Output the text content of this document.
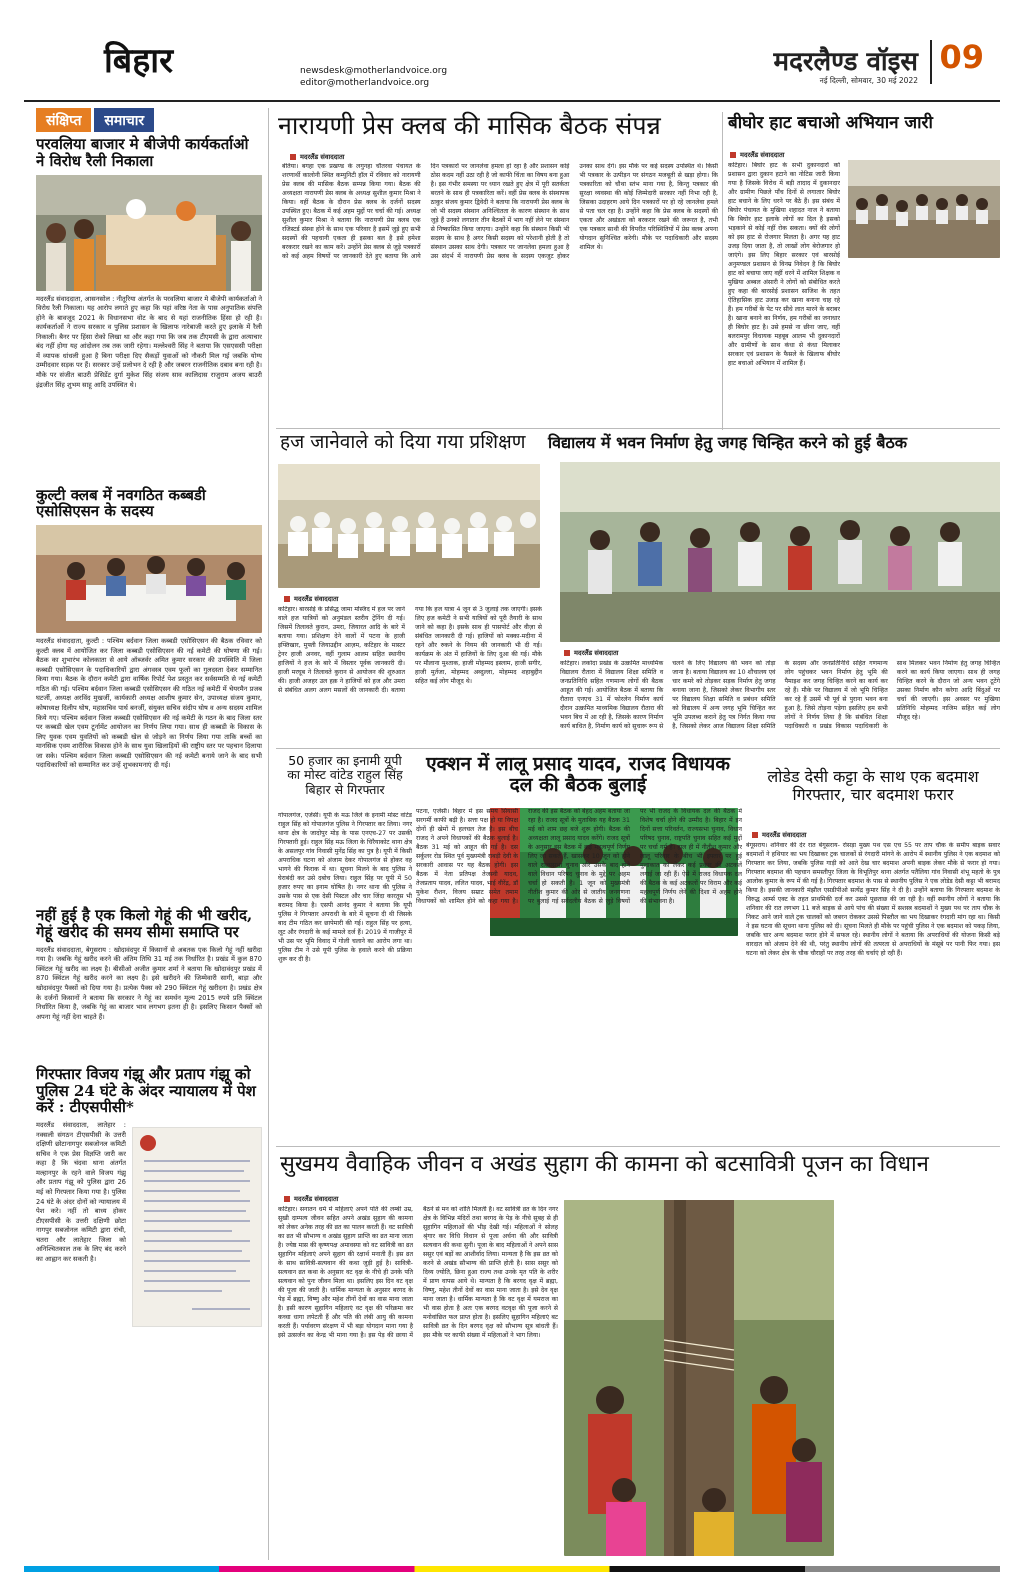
बिहार	newsdesk@motherlandvoice.org
editor@motherlandvoice.org
मदरलैण्ड वॉइस 09
नई दिल्ली, सोमवार, 30 मई 2022
संक्षिप्त	समाचार
परवलिया बाजार मे बीजेपी कार्यकर्ताओ ने विरोध रैली निकाला
मदरलैंड संवाददाता, आसनसोल : नीतूरिया अंतर्गत के परवलिया बाजार मे बीजेपी कार्यकर्ताओ ने विरोध रैली निकाला। यह आरोप लगाते हुए कहा कि यहां वरिष्ठ नेता के पास अनुपातिक संपत्ति होने के बावजूद 2021 के विधानसभा वोट के बाद से यहां राजनीतिक हिंसा हो रही है। कार्यकर्ताओं ने राज्य सरकार व पुलिस प्रशासन के खिलाफ नारेबाजी करते हुए इलाके में रैली निकाली। बैनर पर हिंसा रोको लिखा था और कहा गया कि जब तक टीएमसी के द्वारा अत्याचार बंद नहीं होगा यह आंदोलन तब तक जारी रहेगा। मल्लेश्वरी सिंह ने बताया कि एसएससी परीक्षा में व्यापक धांधली हुआ है बिना परीक्षा दिए सैकड़ों युवाओं को नौकरी मिल गई जबकि योग्य उम्मीदवार सड़क पर हैं। सरकार उन्हें प्रलोभन दे रही है और जबरन राजनीतिक दबाव बना रही है। मौके पर संजीत बाउरी प्रेसिडेंट दुर्गा मुकेश सिंह संजय साव कालिदास राजुराम अजय बाउरी इंद्रजीत सिंह शुभम साहू आदि उपस्थित थे।
कुल्टी क्लब में नवगठित कब्बडी एसोसिएसन के सदस्य
मदरलैंड संवाददाता, कुल्टी : पश्चिम बर्दवान जिला कब्बडी एसोसिएसन की बैठक रविवार को कुल्टी क्लब में आयोजित कर जिला कब्बडी एसोसिएसन की नई कमेटी की घोषणा की गई। बैठक का शुभारंभ कोलकाता से आये ऑब्जर्वर अमित कुमार सरकार की उपस्थिति में जिला कब्बडी एसोसिएसन के पदाधिकारियों द्वारा अंगवस्त्र एवम फूलों का गुलदस्ता देकर सम्मानित किया गया। बैठक के दौरान कमेटी द्वारा वार्षिक रिपोर्ट पेश प्रस्तुत कर सर्वसम्मति से नई कमेटी गठित की गई। पश्चिम बर्दवान जिला कब्बडी एसोसिएसन की गठित नई कमेटी में चेयरमैन प्रजब घटर्जी, अध्यक्ष अरविंद मुखर्जी, कार्यकारी अध्यक्ष आशीष कुमार सेन, उपाध्यक्ष संजय कुमार, कोषाध्यक्ष दिलीप घोष, महासचिव पार्थ बनर्जी, संयुक्त सचिव संदीप घोष व अन्य सदस्य शामिल किये गए। पश्चिम बर्दवान जिला कब्बडी एसोसिएसन की नई कमेटी के गठन के बाद जिला स्तर पर कब्बडी खेल एवम टूर्नामेंट आयोजन का निर्णय लिया गया। साथ ही कब्बडी के विकास के लिए युवक एवम युवतियों को कब्बडी खेल से जोड़ने का निर्णय लिया गया ताकि बच्चों का मानसिक एवम शारीरिक विकास होने के साथ युवा खिलाड़ियों की राष्ट्रीय स्तर पर पहचान दिलाया जा सके। पश्चिम बर्दवान जिला कब्बडी एसोसिएसन की नई कमेटी बनाये जाने के बाद सभी पदाधिकारियों को सम्मानित कर उन्हें शुभकामनाएं दी गई।
नहीं हुई है एक किलो गेहूं की भी खरीद, गेहूं खरीद की समय सीमा समाप्ति पर
मदरलैंड संवाददाता, बेगूसराय : खोदावंदपुर में किसानों से अबतक एक किलो गेहूं नहीं खरीदा गया है। जबकि गेहूं खरीद करने की अंतिम तिथि 31 मई तक निर्धारित है। प्रखंड में कुल 870 क्विंटल गेहूं खरीद का लक्ष्य है। बीसीओ अजीत कुमार शर्मा ने बताया कि खोदावंदपुर प्रखंड में 870 क्विंटल गेहूं खरीद करने का लक्ष्य है। इसे खरीदने की जिम्मेवारी सागी, बाड़ा और खोदावंदपुर पैक्सों को दिया गया है। प्रत्येक पैक्स को 290 क्विंटल गेहूं खरीदना है। प्रखंड क्षेत्र के दर्जनों किसानों ने बताया कि सरकार ने गेहूं का समर्थन मूल्य 2015 रुपये प्रति क्विंटल निर्धारित किया है, जबकि गेहूं का बाजार भाव लगभग इतना ही है। इसलिए किसान पैक्सों को अपना गेहूं नहीं देना चाहते हैं।
गिरफ्तार विजय गंझू और प्रताप गंझू को पुलिस 24 घंटे के अंदर न्यायालय में पेश करें : टीएसपीसी*
मदरलैंड संवाददाता, लातेहार : नक्सली संगठन टीएसपीसी के उत्तरी दक्षिणी छोटानागपुर सबजोनल कमिटी सचिव ने एक प्रेस विज्ञप्ति जारी कर कहा है कि चंदवा थाना अंतर्गत मल्हानपुर के रहने वाले विजय गंझू और प्रताप गंझू को पुलिस द्वारा 26 मई को गिरफ्तार किया गया है। पुलिस 24 घंटे के अंदर दोनों को न्यायालय में पेश करे। नहीं तो बाध्य होकर टीएसपीसी के उत्तरी दक्षिणी छोटा नागपुर सबजोनल कमिटी द्वारा रांची, चतरा और लातेहार जिला को अनिश्चितकाल तक के लिए बंद करने का आह्वान कर सकती है।
नारायणी प्रेस क्लब की मासिक बैठक संपन्न
मदरलैंड संवाददाता
बेतिया। बगहा एक प्रखण्ड के लगुनहा चौतरवा पंचायत के शरणार्थी कालोनी स्थित कम्युनिटी हॉल में रविवार को नारायणी प्रेस क्लब की मासिक बैठक सम्पन्न किया गया। बैठक की अध्यक्षता नारायणी प्रेस क्लब के अध्यक्ष सुशील कुमार मिश्रा ने किया। वहीं बैठक के दौरान प्रेस क्लब के दर्जनों सदस्य उपस्थित हुए। बैठक में कई अहम मुद्दों पर चर्चा की गई। अध्यक्ष सुशील कुमार मिश्रा ने बताया कि नारायणी प्रेस क्लब एक रजिस्टर्ड संस्था होने के साथ एक परिवार है इसमें जुड़े हुए सभी सदस्यों की पहचानी एकता ही इसका बल है इसे हमेशा बरकरार रखने का काम करें। उन्होंने प्रेस क्लब से जुड़े पत्रकारों को कई अहम विषयों पर जानकारी देते हुए बताया कि आये दिन पत्रकारों पर जानलेवा हमला हो रहा है और प्रशासन कोई ठोस कदम नहीं उठा रही है जो काफी चिंता का विषय बना हुआ है। इस गंभीर समस्या पर ध्यान रखते हुए क्षेत्र में पूरी सतर्कता बरतने के साथ ही पत्रकारिता करें। वहीं प्रेस क्लब के संस्थापक ठाकुर संजय कुमार द्विवेदी ने बताया कि नारायणी प्रेस क्लब के जो भी सदस्य संस्थान अनिश्चितता के कारण संस्थान के साथ जुड़े हैं उनको लगातार तीन बैठकों में भाग नहीं लेने पर संस्थान से निष्कासित किया जाएगा। उन्होंने कहा कि संस्थान किसी भी सदस्य के साथ है अगर किसी सदस्य को परेशानी होती है तो संस्थान उसका साथ देगी। पत्रकार पर जानलेवा हमला हुआ है उस संदर्भ में नारायणी प्रेस क्लब के सदस्य एकजुट होकर उनका साथ देंगे। इस मौके पर कई सदस्य उपस्थित थे। किसी भी पत्रकार के उत्पीड़न पर संगठन मजबूती से खड़ा होगा। कि पत्रकारिता को चौथा स्तंभ माना गया है, किन्तु पत्रकार की सुरक्षा व्यवस्था की कोई जिम्मेदारी सरकार नहीं निभा रही है, जिसका उदाहरण आये दिन पत्रकारों पर हो रहे जानलेवा हमले से पता चल रहा है। उन्होंने कहा कि प्रेस क्लब के सदस्यों की एकता और अखंडता को बरकरार रखने की जरूरत है, तभी एक पत्रकार साथी की विपरीत परिस्थितियों में प्रेस क्लब अपना योगदान सुनिश्चित करेगी। मौके पर पदाधिकारी और सदस्य शामिल थे।
बीघोर हाट बचाओ अभियान जारी
मदरलैंड संवाददाता
कटिहार। बिघोर हाट के सभी दुकानदारों को प्रशासन द्वारा दुकान हटाने का नोटिस जारी किया गया है जिसके विरोध में बड़ी तादाद में दुकानदार और ग्रामीण पिछले पाँच दिनों से लगातार बिघोर हाट बचाने के लिए धरने पर बैठे हैं। इस संबंध में बिघोर पंचायत के मुखिया शहादत नाज ने बताया कि बिघोर हाट इलाके लोगों का दिल है इसको भड़काने से कोई नहीं रोक सकता। क्यों की लोगों को इस हाट से रोजगार मिलता है। अगर यह हाट उजड़ दिया जाता है, तो लाखों लोग बेरोजगार हो जाएंगे। इस लिए बिहार सरकार एवं बारसोई अनुमण्डल प्रशासन से विनम्र निवेदन है कि बिघोर हाट को बचाया जाए वहीं धरने में शामिल शिक्षक व मुखिया अब्बल अंसारी ने लोगों को संबोधित करते हुए कहा की बारसोई प्रशासन साजिश के तहत ऐतिहासिक हाट उजाड़ कर खाना बनाना चाह रहे हैं। हम गरीबों के पेट पर सीधे लात मारने के बराबर है। खाना बनाने का निर्णय, हम गरीबों का जनाधार ही बिघोर हाट है। उसे हमसे ना छीना जाए, वहीं बलरामपुर विधायक महबूब आलम भी दुकानदारों और ग्रामीणों के साथ कंधा से कंधा मिलाकर सरकार एवं प्रशासन के फैसले के खिलाफ बीघोर हाट बचाओ अभियान में शामिल हैं।
हज जानेवाले को दिया गया प्रशिक्षण
मदरलैंड संवाददाता
कटिहार। बारसोई के प्रसिद्ध जामा मस्जिद में हज पर जाने वाले हज यात्रियों को अनुमंडल स्तरीय ट्रेनिंग दी गई। जिसमें तिलावते कुरान, उमरा, जियारत आदि के बारे में बताया गया। प्रशिक्षण देने वालों में पटना के हाजी इफ्तिखार, मुफ्ती जियाउद्दीन आज़म, कटिहार के मास्टर ट्रेनर हाजी अनवर, वहीं गुलाम आलम सहित स्थानीय हाजियों ने हज के बारे में विस्तार पूर्वक जानकारी दी। हाजी मरघूब ने तिलावते कुरान से आयोजन की शुरुआत की। हाजी अजहर उल हक़ ने हाजियों को हज और उमरा से संबंधित अलग अलग मसलों की जानकारी दी। बताया गया कि हज यात्रा 4 जून से 3 जुलाई तक जाएगी। इसके लिए हज कमेटी ने सभी यात्रियों को पूरी तैयारी के साथ जाने को कहा है। इसके साथ ही पासपोर्ट और वीज़ा से संबंधित जानकारी दी गई। हाजियों को मक्का-मदीना में रहने और रुकने के नियम की जानकारी भी दी गई। कार्यक्रम के अंत में हाजियों के लिए दुआ की गई। मौके पर मौलाना मुश्ताक, हाजी मोहम्मद इस्लाम, हाजी सगीर, हाजी मुर्तजा, मोहम्मद अब्दुल्ला, मोहम्मद शहाबुद्दीन सहित कई लोग मौजूद थे।
विद्यालय में भवन निर्माण हेतु जगह चिन्हित करने को हुई बैठक
मदरलैंड संवाददाता
कटिहार। लकोदा प्रखंड के उत्क्रमित माध्यमिक विद्यालय रौतारा में विद्यालय शिक्षा समिति व जनप्रतिनिधि सहित गणमान्य लोगों की बैठक आहूत की गई। आयोजित बैठक में बताया कि रौतारा एनएच 31 में फोरलेन निर्माण कार्य दौरान उत्क्रमित माध्यमिक विद्यालय रौतारा की भवन बिच में आ रही है, जिसके कारण निर्माण कार्य बाधित है, निर्माण कार्य को सुचारू रूप से चलने के लिए विद्यालय की भवन को तोड़ा जाना है। बताया विद्यालय का 10 शौचालय एवं चार कमरे को तोड़कर सड़क निर्माण हेतु जगह बनाया जाना है, जिसको लेकर विभागीय स्तर पर विद्यालय शिक्षा समिति व प्रबंधन समिति को विद्यालय में अन्य जगह भूमि चिन्हित कर भूमि उपलब्ध कराने हेतु पत्र निर्गत किया गया है, जिसको लेकर आज विद्यालय शिक्षा समिति के सदस्य और जनप्रतिनिधि सहित गणमान्य लोग पहुंचकर भवन निर्माण हेतु भूमि की पैमाइश कर जगह चिन्हित करने का कार्य कर रहे हैं। मौके पर विद्यालय में जो भूमि चिन्हित कर रहे हैं उसमें भी पूर्व से पुराना भवन बना हुआ है, जिसे तोड़ना पड़ेगा इसलिए हम सभी लोगों ने निर्णय लिया है कि संबंधित शिक्षा पदाधिकारी व प्रखंड विकास पदाधिकारी के साथ मिलकर भवन निर्माण हेतु जगह चिन्हित करने का कार्य किया जाएगा। साथ ही जगह चिन्हित करने के दौरान जो अन्य भवन टूटेंगे उसका निर्माण कौन करेगा आदि बिंदुओं पर चर्चा की जाएगी। इस अवसर पर मुखिया प्रतिनिधि मोहम्मद नाजिम सहित कई लोग मौजूद रहे।
50 हजार का इनामी यूपी का मोस्ट वांटेड राहुल सिंह बिहार से गिरफ्तार
गोपालगंज, एजेंसी। यूपी के मऊ जिले के इनामी मोस्ट वांटेड राहुल सिंह को गोपालगंज पुलिस ने गिरफ्तार कर लिया। नगर थाना क्षेत्र के जादोपुर मोड़ के पास एनएच-27 पर उसकी गिरफ्तारी हुई। राहुल सिंह मऊ जिला के चिरैयाकोट थाना क्षेत्र के असलपुर गांव निवासी मुनेंद्र सिंह का पुत्र है। यूपी में किसी अपराधिक घटना को अंजाम देकर गोपालगंज से होकर वह भागने की फिराक में था। सूचना मिलने के बाद पुलिस ने घेराबंदी कर उसे दबोच लिया। राहुल सिंह पर यूपी में 50 हजार रुपए का इनाम घोषित है। नगर थाना की पुलिस ने उसके पास से एक देसी पिस्टल और चार जिंदा कारतूस भी बरामद किया है। एसपी आनंद कुमार ने बताया कि यूपी पुलिस ने गिरफ्तार अपराधी के बारे में सूचना दी थी जिसके बाद टीम गठित कर छापेमारी की गई। राहुल सिंह पर हत्या, लूट और रंगदारी के कई मामले दर्ज हैं। 2019 में गाजीपुर में भी उस पर भूमि विवाद में गोली चलाने का आरोप लगा था। पुलिस टीम ने उसे यूपी पुलिस के हवाले करने की प्रक्रिया शुरू कर दी है।
एक्शन में लालू प्रसाद यादव, राजद विधायक दल की बैठक बुलाई
पटना, एजेंसी। बिहार में इस समय सियासी सरगर्मी काफी बढ़ी है। सत्ता पक्ष हो या विपक्ष दोनों ही खेमों में हलचल तेज है। इस बीच राजद ने अपने विधायकों की बैठक बुलाई है। बैठक 31 मई को आहूत की गई है। दस सर्कुलर रोड स्थित पूर्व मुख्यमंत्री राबड़ी देवी के सरकारी आवास पर यह बैठक होगी। इस बैठक में नेता प्रतिपक्ष तेजस्वी यादव, तेजप्रताप यादव, ललित यादव, भाई वीरेंद्र, डॉ मुकेश रौशन, विजय सम्राट समेत तमाम विधायकों को शामिल होने को कहा गया है। राजद की इस बैठक को बेहद अहम बताया जा रहा है। राजद सूत्रों के मुताबिक यह बैठक 31 मई को शाम छह बजे शुरू होगी। बैठक की अध्यक्षता लालू प्रसाद यादव करेंगे। राजद सूत्रों के अनुसार इस बैठक में कई महत्वपूर्ण निर्णय लिए जा सकते हैं, खासकर 10 जून को होने वाले राज्यसभा चुनाव और उसके बाद होने वाले विधान परिषद चुनाव के मुद्दे पर अहम चर्चा हो सकती है। 1 जून को मुख्यमंत्री नीतीश कुमार की ओर से जातीय जनगणना पर बुलाई गई सर्वदलीय बैठक से जुड़े विषयों पर भी राजद के विधायक दल की बैठक में विशेष चर्चा होने की उम्मीद है। बिहार में इन दिनों सत्ता परिवर्तन, राज्यसभा चुनाव, विधान परिषद चुनाव, राष्ट्रपति चुनाव सहित कई मुद्दों पर चर्चा गर्म है। हाल ही में नीतीश कुमार और लालू परिवार के बीच भी इफ्तार पर हुई मुलाकात को लेकर कई प्रकार की अटकलें लगाई जा रही हैं। ऐसे में राजद विधायक दल की बैठक के कई अटकलों पर विराम और कई महत्वपूर्ण निर्णय लेने की दिशा में अहम होने की संभावना है।
लोडेड देसी कट्टा के साथ एक बदमाश गिरफ्तार, चार बदमाश फरार
मदरलैंड संवाददाता
बेगूसराय। शनिवार की देर रात बेगूसराय- रोसड़ा मुख्य पथ एस एच 55 पर ताप चौक के समीप बाइक सवार बदमाशों ने हथियार का भय दिखाकर ट्रक चालकों से रंगदारी मांगने के आरोप में स्थानीय पुलिस ने एक बदमाश को गिरफ्तार कर लिया, जबकि पुलिस गाड़ी को आते देख चार बदमाश अपनी बाइक लेकर मौके से फरार हो गया। गिरफ्तार बदमाश की पहचान समस्तीपुर जिला के विभूतिपुर थाना अंतर्गत पतैलिया गांव निवासी शंभू महतो के पुत्र आलोक कुमार के रूप में की गई है। गिरफ्तार बदमाश के पास से स्थानीय पुलिस ने एक लोडेड देसी कट्टा भी बरामद किया है। इसकी जानकारी मंझौल एसडीपीओ सत्येंद्र कुमार सिंह ने दी है। उन्होंने बताया कि गिरफ्तार बदमाश के विरुद्ध आर्म्स एक्ट के तहत प्राथमिकी दर्ज कर उससे पूछताछ की जा रही है। वहीं स्थानीय लोगों ने बताया कि शनिवार की रात लगभग 11 बजे बाइक से आये पांच की संख्या में सशस्त्र बदमाशों ने मुख्य पथ पर ताप चौक के निकट आने जाने वाले ट्रक चालकों को जबरन रोककर उससे पिस्तौल का भय दिखाकर रंगदारी मांग रहा था। किसी ने इस घटना की सूचना थाना पुलिस को दी। सूचना मिलते ही मौके पर पहुंची पुलिस ने एक बदमाश को पकड़ लिया, जबकि चार अन्य बदमाश फरार होने में सफल रहे। स्थानीय लोगों ने बताया कि अपराधियों की योजना किसी बड़े वारदात को अंजाम देने की थी, परंतु स्थानीय लोगों की तत्परता से अपराधियों के मंसूबे पर पानी फिर गया। इस घटना को लेकर क्षेत्र के चौक चौराहों पर तरह तरह की चर्चाएं हो रही हैं।
सुखमय वैवाहिक जीवन व अखंड सुहाग की कामना को बटसावित्री पूजन का विधान
मदरलैंड संवाददाता
कटिहार। सनातन धर्म मे महिलाएं अपने पति की लम्बी उम्र, सुखी दाम्पत्य जीवन सहित अपने अखंड सुहाग की कामना को लेकर अनेक तरह की व्रत का पालन करती हैं। वट सावित्री का व्रत भी सौभाग्य व अखंड सुहाग प्राप्ति का व्रत माना जाता है। ज्येष्ठ मास की कृष्णपक्ष अमावस्या को वट सावित्री का व्रत सुहागिन महिलाएं अपने सुहाग की रक्षार्थ मनाती हैं। इस व्रत के साथ सावित्री-सत्यवान की कथा जुड़ी हुई है। सावित्री-सत्यवान व्रत कथा के अनुसार वट वृक्ष के नीचे ही उनके पति सत्यवान को पुनः जीवन मिला था। इसलिए इस दिन वट वृक्ष की पूजा की जाती है। धार्मिक मान्यता के अनुसार बरगद के पेड़ में ब्रह्मा, विष्णु और महेश तीनों देवों का वास माना जाता है। इसी कारण सुहागिन महिलाएं वट वृक्ष की परिक्रमा कर कच्चा धागा लपेटती हैं और पति की लंबी आयु की कामना करती हैं। पर्यावरण संरक्षण में भी बड़ा योगदान माना गया है इसे उत्सर्जन का केन्द्र भी माना गया है। इस पेड़ की छाया में बैठने से मन को शांति मिलती है। वट सावित्री व्रत के दिन नगर क्षेत्र के विभिन्न मंदिरों तथा बरगद के पेड़ के नीचे सुबह से ही सुहागिन महिलाओं की भीड़ देखी गई। महिलाओं ने सोलह श्रृंगार कर विधि विधान से पूजा अर्चना की और सावित्री सत्यवान की कथा सुनी। पूजा के बाद महिलाओं ने अपने सास ससुर एवं बड़ों का आशीर्वाद लिया। मान्यता है कि इस व्रत को करने से अखंड सौभाग्य की प्राप्ति होती है। सास ससुर को दिव्य ज्योति, छिना हुआ राज्य तथा उनके मृत पति के शरीर में प्राण वापस आये थे। मान्यता है कि बरगद वृक्ष में ब्रह्मा, विष्णु, महेश तीनों देवों का वास माना जाता है। इसे देव वृक्ष माना जाता है। धार्मिक मान्यता है कि वट वृक्ष में यमराज का भी वास होता है अतः एक बरगद वटवृक्ष की पूजा करने से मनोवांछित फल प्राप्त होता है। इसलिए सुहागिन महिलाएं बट सावित्री व्रत के दिन बरगद वृक्ष को सौभाग्य सूत्र बांधती हैं। इस मौके पर काफी संख्या में महिलाओं ने भाग लिया।
